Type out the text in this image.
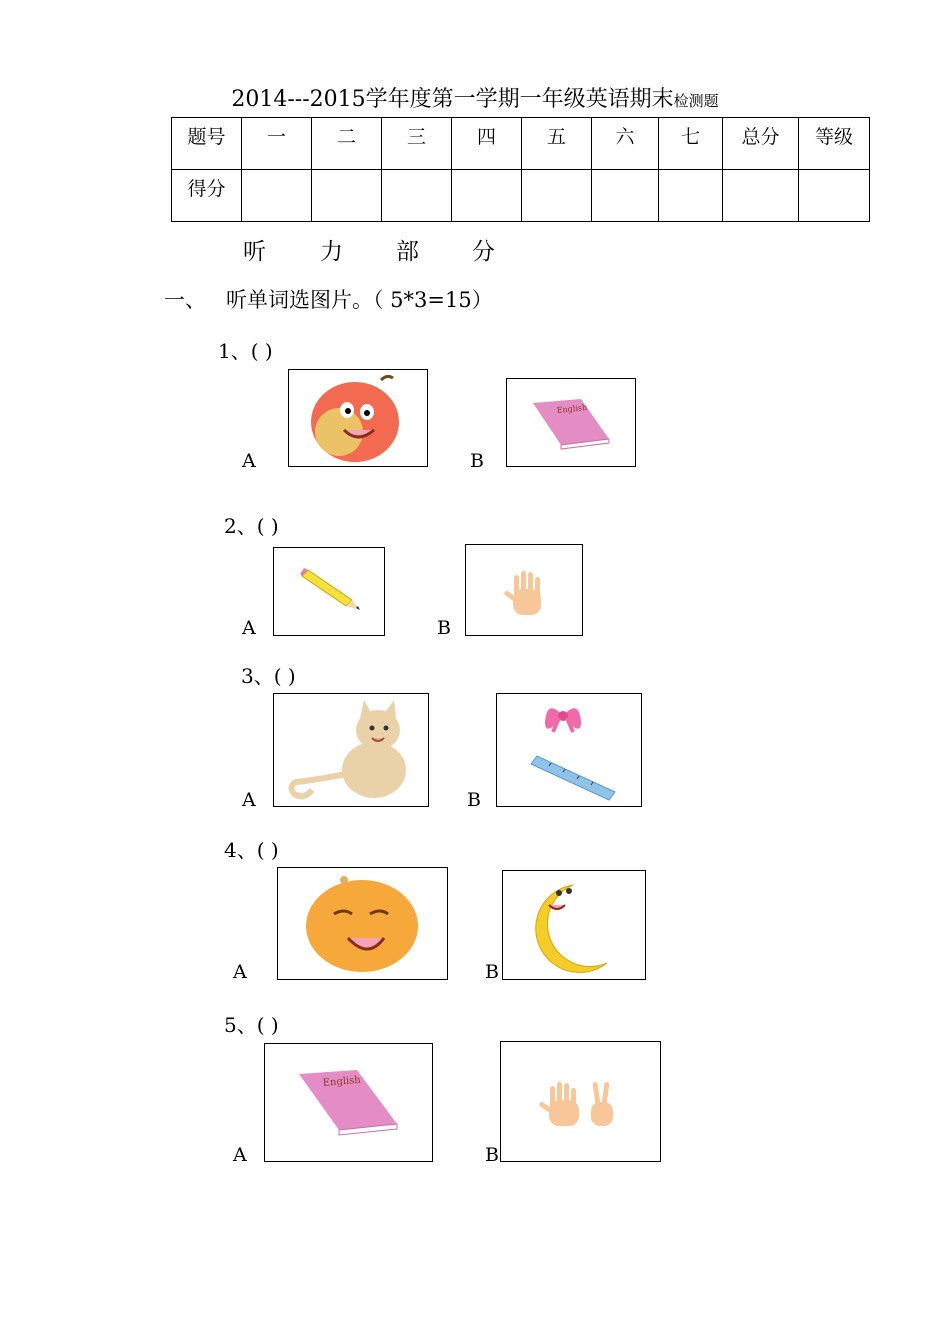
2014---2015学年度第一学期一年级英语期末检测题
题号	一	二	三	四	五	六	七	总分	等级
得分									
听 力 部 分
一、 听单词选图片。（ 5*3=15）
1、( )
A	B
English
2、( )
A	B
3、( )
A	B
4、( )
A	B
5、( )
A
English
B
